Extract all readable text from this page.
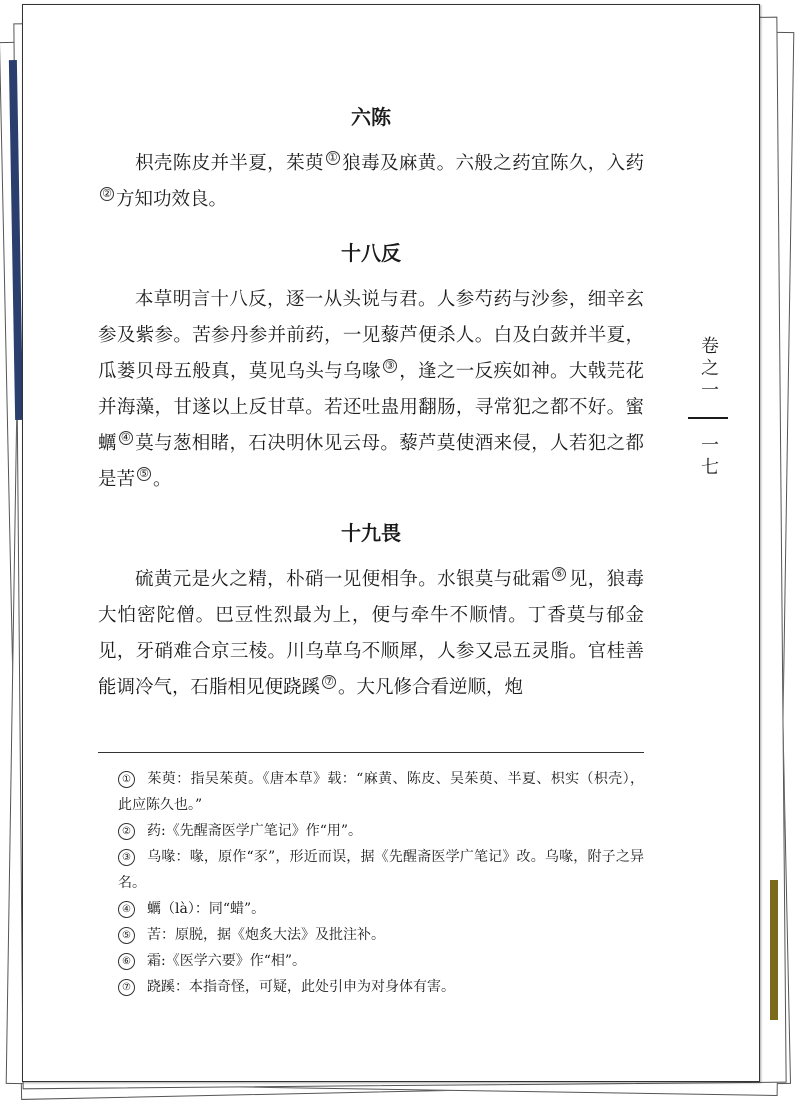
六陈

枳壳陈皮并半夏，茱萸 ① 狼毒及麻黄。六般之药宜陈久，入药② 方知功效良。

十八反

本草明言十八反，逐一从头说与君。人参芍药与沙参，细辛玄参及紫参。苦参丹参并前药，一见藜芦便杀人。白及白蔹并半夏，瓜蒌贝母五般真，莫见乌头与乌喙 ③ ，逢之一反疾如神。大戟芫花并海藻，甘遂以上反甘草。若还吐蛊用翻肠，寻常犯之都不好。蜜蠣 ④ 莫与葱相睹，石决明休见云母。藜芦莫使酒来侵，人若犯之都是苦 ⑤ 。

十九畏

硫黄元是火之精，朴硝一见便相争。水银莫与砒霜 ⑥ 见，狼毒大怕密陀僧。巴豆性烈最为上，便与牵牛不顺情。丁香莫与郁金见，牙硝难合京三棱。川乌草乌不顺犀，人参又忌五灵脂。官桂善能调冷气，石脂相见便跷蹊 ⑦ 。大凡修合看逆顺，炮

卷之一
一七

① 茱萸：指吴茱萸。《唐本草》载：“麻黄、陈皮、吴茱萸、半夏、枳实（枳壳），此应陈久也。”

② 药:《先醒斋医学广笔记》作“用”。

③ 乌喙：喙，原作“豕”，形近而误，据《先醒斋医学广笔记》改。乌喙，附子之异名。

④ 蠣（là）：同“蜡”。

⑤ 苦：原脱，据《炮炙大法》及批注补。

⑥ 霜:《医学六要》作“相”。

⑦ 跷蹊：本指奇怪，可疑，此处引申为对身体有害。
